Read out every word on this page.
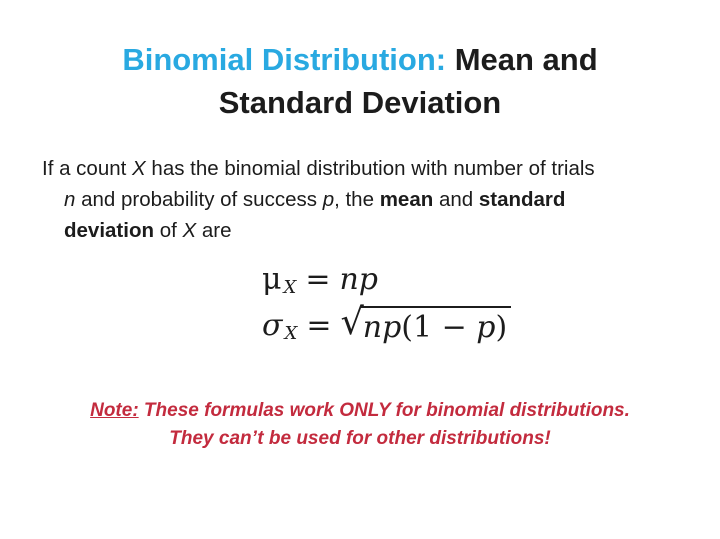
Binomial Distribution: Mean and
Standard Deviation
If a count X has the binomial distribution with number of trials
n and probability of success p, the mean and standard
deviation of X are
μ X = np
σ X = √ np(1 − p)
Note: These formulas work ONLY for binomial distributions.
They can’t be used for other distributions!
